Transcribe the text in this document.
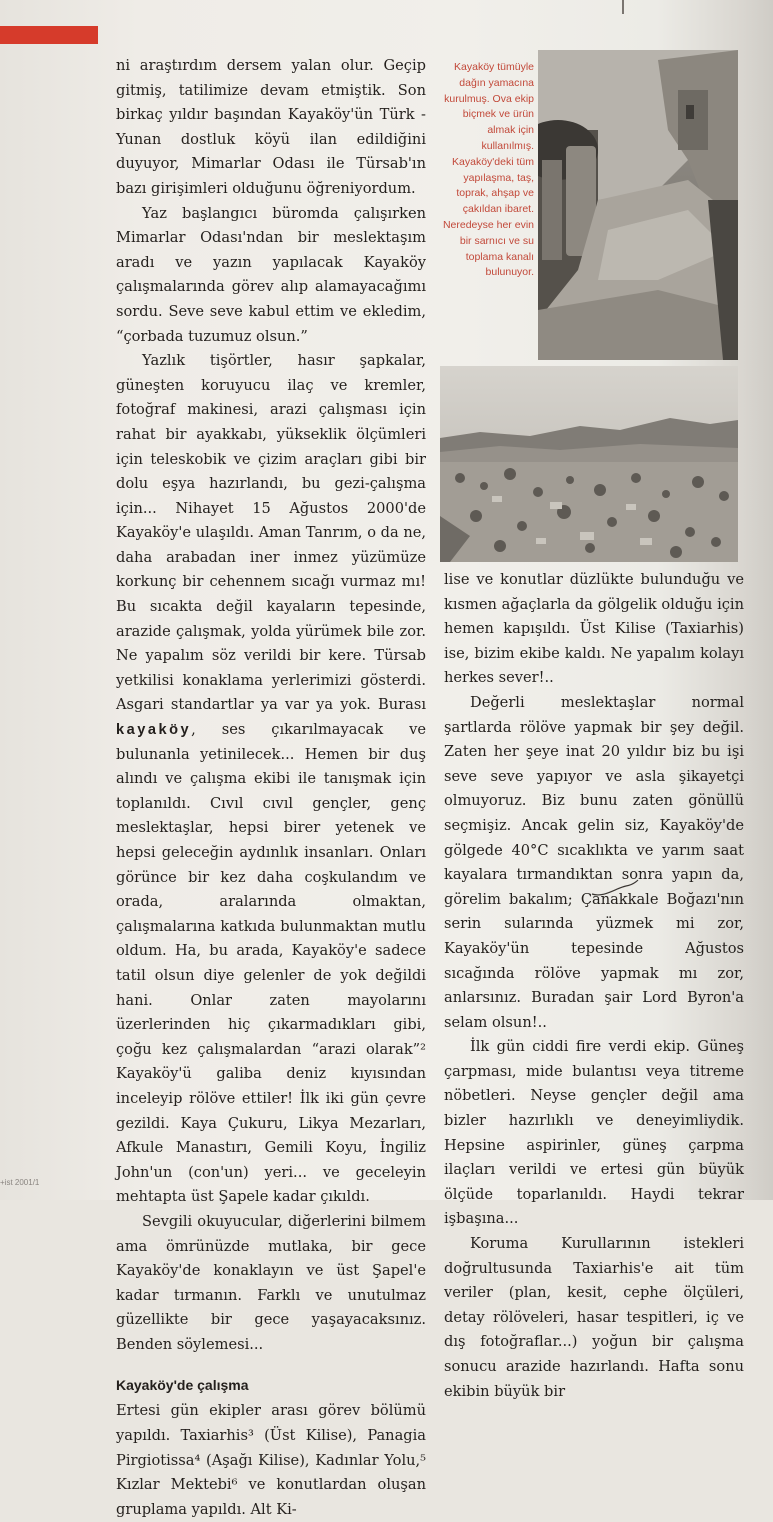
ni araştırdım dersem yalan olur. Geçip gitmiş, tatilimize devam etmiştik. Son birkaç yıldır başından Kayaköy'ün Türk -Yunan dostluk köyü ilan edildiğini duyuyor, Mimarlar Odası ile Türsab'ın bazı girişimleri olduğunu öğreniyordum.

Yaz başlangıcı büromda çalışırken Mimarlar Odası'ndan bir meslektaşım aradı ve yazın yapılacak Kayaköy çalışmalarında görev alıp alamayacağımı sordu. Seve seve kabul ettim ve ekledim, “çorbada tuzumuz olsun.”

Yazlık tişörtler, hasır şapkalar, güneşten koruyucu ilaç ve kremler, fotoğraf makinesi, arazi çalışması için rahat bir ayakkabı, yükseklik ölçümleri için teleskobik ve çizim araçları gibi bir dolu eşya hazırlandı, bu gezi-çalışma için... Nihayet 15 Ağustos 2000'de Kayaköy'e ulaşıldı. Aman Tanrım, o da ne, daha arabadan iner inmez yüzümüze korkunç bir cehennem sıcağı vurmaz mı! Bu sıcakta değil kayaların tepesinde, arazide çalışmak, yolda yürümek bile zor. Ne yapalım söz verildi bir kere. Türsab yetkilisi konaklama yerlerimizi gösterdi. Asgari standartlar ya var ya yok. Burası kayaköy, ses çıkarılmayacak ve bulunanla yetinilecek... Hemen bir duş alındı ve çalışma ekibi ile tanışmak için toplanıldı. Cıvıl cıvıl gençler, genç meslektaşlar, hepsi birer yetenek ve hepsi geleceğin aydınlık insanları. Onları görünce bir kez daha coşkulandım ve orada, aralarında olmaktan, çalışmalarına katkıda bulunmaktan mutlu oldum. Ha, bu arada, Kayaköy'e sadece tatil olsun diye gelenler de yok değildi hani. Onlar zaten mayolarını üzerlerinden hiç çıkarmadıkları gibi, çoğu kez çalışmalardan “arazi olarak”² Kayaköy'ü galiba deniz kıyısından inceleyip rölöve ettiler! İlk iki gün çevre gezildi. Kaya Çukuru, Likya Mezarları, Afkule Manastırı, Gemili Koyu, İngiliz John'un (con'un) yeri... ve geceleyin mehtapta üst Şapele kadar çıkıldı.

Sevgili okuyucular, diğerlerini bilmem ama ömrünüzde mutlaka, bir gece Kayaköy'de konaklayın ve üst Şapel'e kadar tırmanın. Farklı ve unutulmaz güzellikte bir gece yaşayacaksınız. Benden söylemesi...

Kayaköy'de çalışma

Ertesi gün ekipler arası görev bölümü yapıldı. Taxiarhis³ (Üst Kilise), Panagia Pirgiotissa⁴ (Aşağı Kilise), Kadınlar Yolu,⁵ Kızlar Mektebi⁶ ve konutlardan oluşan gruplama yapıldı. Alt Ki-

Kayaköy tümüyle dağın yamacına kurulmuş. Ova ekip biçmek ve ürün almak için kullanılmış. Kayaköy'deki tüm yapılaşma, taş, toprak, ahşap ve çakıldan ibaret. Neredeyse her evin bir sarnıcı ve su toplama kanalı bulunuyor.

lise ve konutlar düzlükte bulunduğu ve kısmen ağaçlarla da gölgelik olduğu için hemen kapışıldı. Üst Kilise (Taxiarhis) ise, bizim ekibe kaldı. Ne yapalım kolayı herkes sever!..

Değerli meslektaşlar normal şartlarda rölöve yapmak bir şey değil. Zaten her şeye inat 20 yıldır biz bu işi seve seve yapıyor ve asla şikayetçi olmuyoruz. Biz bunu zaten gönüllü seçmişiz. Ancak gelin siz, Kayaköy'de gölgede 40°C sıcaklıkta ve yarım saat kayalara tırmandıktan sonra yapın da, görelim bakalım; Çanakkale Boğazı'nın serin sularında yüzmek mi zor, Kayaköy'ün tepesinde Ağustos sıcağında rölöve yapmak mı zor, anlarsınız. Buradan şair Lord Byron'a selam olsun!..

İlk gün ciddi fire verdi ekip. Güneş çarpması, mide bulantısı veya titreme nöbetleri. Neyse gençler değil ama bizler hazırlıklı ve deneyimliydik. Hepsine aspirinler, güneş çarpma ilaçları verildi ve ertesi gün büyük ölçüde toparlanıldı. Haydi tekrar işbaşına...

Koruma Kurullarının istekleri doğrultusunda Taxiarhis'e ait tüm veriler (plan, kesit, cephe ölçüleri, detay rölöveleri, hasar tespitleri, iç ve dış fotoğraflar...) yoğun bir çalışma sonucu arazide hazırlandı. Hafta sonu ekibin büyük bir

+ist 2001/1
